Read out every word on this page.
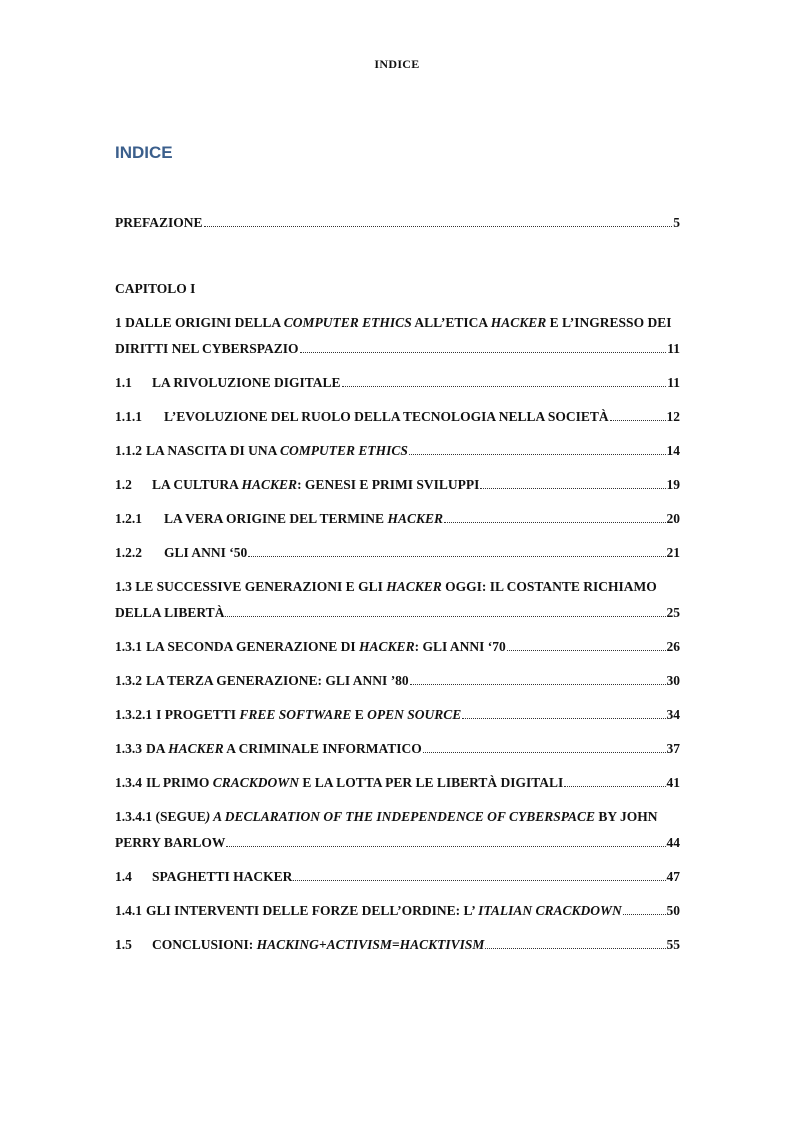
INDICE
INDICE
PREFAZIONE	5
CAPITOLO I
1 DALLE ORIGINI DELLA COMPUTER ETHICS ALL’ETICA HACKER E L’INGRESSO DEI
DIRITTI NEL CYBERSPAZIO	11
1.1	LA RIVOLUZIONE DIGITALE	11
1.1.1	L’EVOLUZIONE DEL RUOLO DELLA TECNOLOGIA NELLA SOCIETÀ	12
1.1.2 LA NASCITA DI UNA COMPUTER ETHICS	14
1.2	LA CULTURA HACKER: GENESI E PRIMI SVILUPPI	19
1.2.1	LA VERA ORIGINE DEL TERMINE HACKER	20
1.2.2	GLI ANNI ‘50	21
1.3 LE SUCCESSIVE GENERAZIONI E GLI HACKER OGGI: IL COSTANTE RICHIAMO
DELLA LIBERTÀ	25
1.3.1 LA SECONDA GENERAZIONE DI HACKER: GLI ANNI ‘70	26
1.3.2 LA TERZA GENERAZIONE: GLI ANNI ’80	30
1.3.2.1 I PROGETTI FREE SOFTWARE E OPEN SOURCE	34
1.3.3 DA HACKER A CRIMINALE INFORMATICO	37
1.3.4 IL PRIMO CRACKDOWN E LA LOTTA PER LE LIBERTÀ DIGITALI	41
1.3.4.1 (SEGUE) A DECLARATION OF THE INDEPENDENCE OF CYBERSPACE BY JOHN
PERRY BARLOW	44
1.4	SPAGHETTI HACKER	47
1.4.1 GLI INTERVENTI DELLE FORZE DELL’ORDINE: L’ ITALIAN CRACKDOWN	50
1.5	CONCLUSIONI: HACKING+ACTIVISM=HACKTIVISM	55
